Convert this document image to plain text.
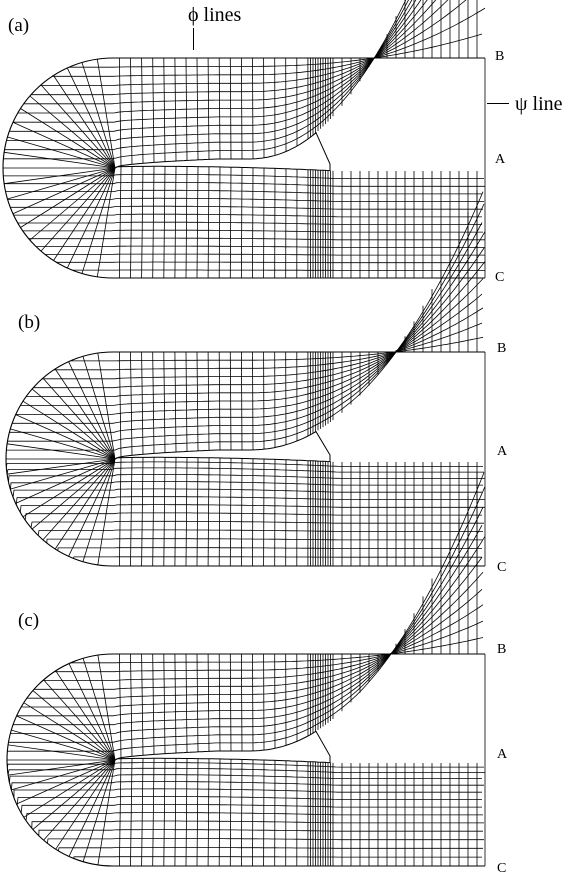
(a)
B
A
C
ϕ lines
ψ line
(b)
B
A
C
(c)
B
A
C
